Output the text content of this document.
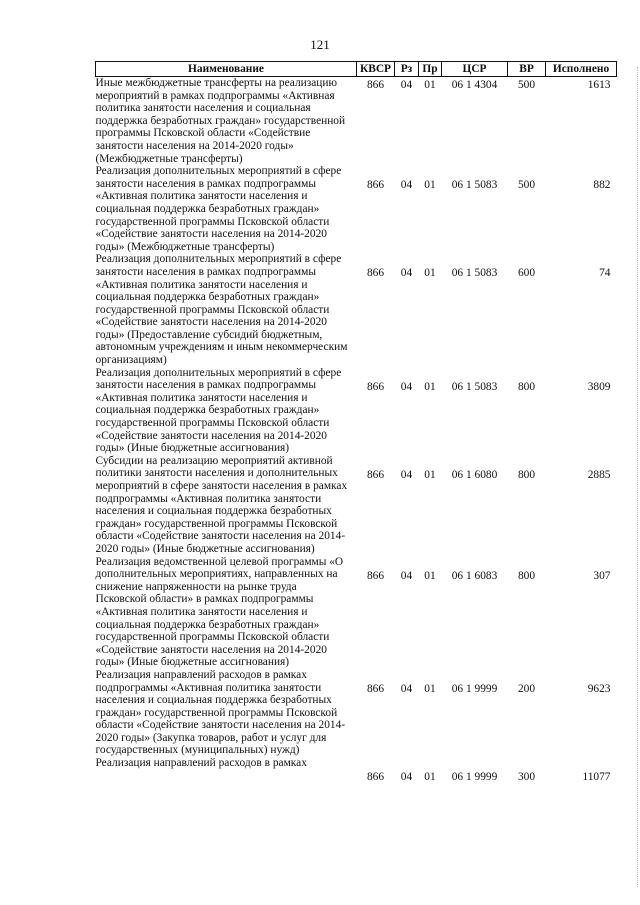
121
Наименование	КВСР	Рз	Пр	ЦСР	ВР	Исполнено
Иные межбюджетные трансферты на реализацию мероприятий в рамках подпрограммы «Активная политика занятости населения и социальная поддержка безработных граждан» государственной программы Псковской области «Содействие занятости населения на 2014-2020 годы» (Межбюджетные трансферты)	866	04	01	06 1 4304	500	1613
Реализация дополнительных мероприятий в сфере занятости населения в рамках подпрограммы «Активная политика занятости населения и социальная поддержка безработных граждан» государственной программы Псковской области «Содействие занятости населения на 2014-2020 годы» (Межбюджетные трансферты)	866	04	01	06 1 5083	500	882
Реализация дополнительных мероприятий в сфере занятости населения в рамках подпрограммы «Активная политика занятости населения и социальная поддержка безработных граждан» государственной программы Псковской области «Содействие занятости населения на 2014-2020 годы» (Предоставление субсидий бюджетным, автономным учреждениям и иным некоммерческим организациям)	866	04	01	06 1 5083	600	74
Реализация дополнительных мероприятий в сфере занятости населения в рамках подпрограммы «Активная политика занятости населения и социальная поддержка безработных граждан» государственной программы Псковской области «Содействие занятости населения на 2014-2020 годы» (Иные бюджетные ассигнования)	866	04	01	06 1 5083	800	3809
Субсидии на реализацию мероприятий активной политики занятости населения и дополнительных мероприятий в сфере занятости населения в рамках подпрограммы «Активная политика занятости населения и социальная поддержка безработных граждан» государственной программы Псковской области «Содействие занятости населения на 2014-2020 годы» (Иные бюджетные ассигнования)	866	04	01	06 1 6080	800	2885
Реализация ведомственной целевой программы «О дополнительных мероприятиях, направленных на снижение напряженности на рынке труда Псковской области» в рамках подпрограммы «Активная политика занятости населения и социальная поддержка безработных граждан» государственной программы Псковской области «Содействие занятости населения на 2014-2020 годы» (Иные бюджетные ассигнования)	866	04	01	06 1 6083	800	307
Реализация направлений расходов в рамках подпрограммы «Активная политика занятости населения и социальная поддержка безработных граждан» государственной программы Псковской области «Содействие занятости населения на 2014-2020 годы» (Закупка товаров, работ и услуг для государственных (муниципальных) нужд)	866	04	01	06 1 9999	200	9623
Реализация направлений расходов в рамках	866	04	01	06 1 9999	300	11077
